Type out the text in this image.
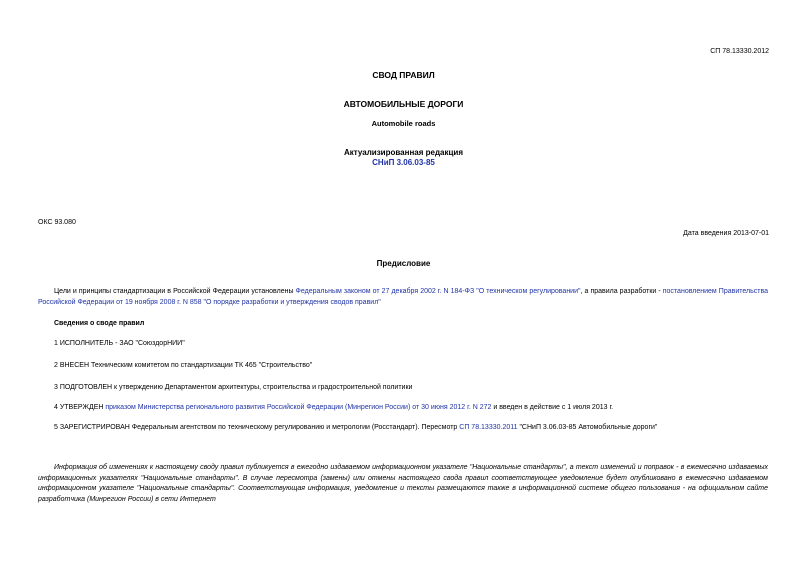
СП 78.13330.2012
СВОД ПРАВИЛ
АВТОМОБИЛЬНЫЕ ДОРОГИ
Automobile roads
Актуализированная редакция
СНиП 3.06.03-85
ОКС 93.080
Дата введения 2013-07-01
Предисловие
Цели и принципы стандартизации в Российской Федерации установлены Федеральным законом от 27 декабря 2002 г. N 184-ФЗ "О техническом регулировании", а правила разработки - постановлением Правительства Российской Федерации от 19 ноября 2008 г. N 858 "О порядке разработки и утверждения сводов правил"
Сведения о своде правил
1 ИСПОЛНИТЕЛЬ - ЗАО "СоюздорНИИ"
2 ВНЕСЕН Техническим комитетом по стандартизации ТК 465 "Строительство"
3 ПОДГОТОВЛЕН к утверждению Департаментом архитектуры, строительства и градостроительной политики
4 УТВЕРЖДЕН приказом Министерства регионального развития Российской Федерации (Минрегион России) от 30 июня 2012 г. N 272 и введен в действие с 1 июля 2013 г.
5 ЗАРЕГИСТРИРОВАН Федеральным агентством по техническому регулированию и метрологии (Росстандарт). Пересмотр СП 78.13330.2011 "СНиП 3.06.03-85 Автомобильные дороги"
Информация об изменениях к настоящему своду правил публикуется в ежегодно издаваемом информационном указателе "Национальные стандарты", а текст изменений и поправок - в ежемесячно издаваемых информационных указателях "Национальные стандарты". В случае пересмотра (замены) или отмены настоящего свода правил соответствующее уведомление будет опубликовано в ежемесячно издаваемом информационном указателе "Национальные стандарты". Соответствующая информация, уведомление и тексты размещаются также в информационной системе общего пользования - на официальном сайте разработчика (Минрегион России) в сети Интернет
